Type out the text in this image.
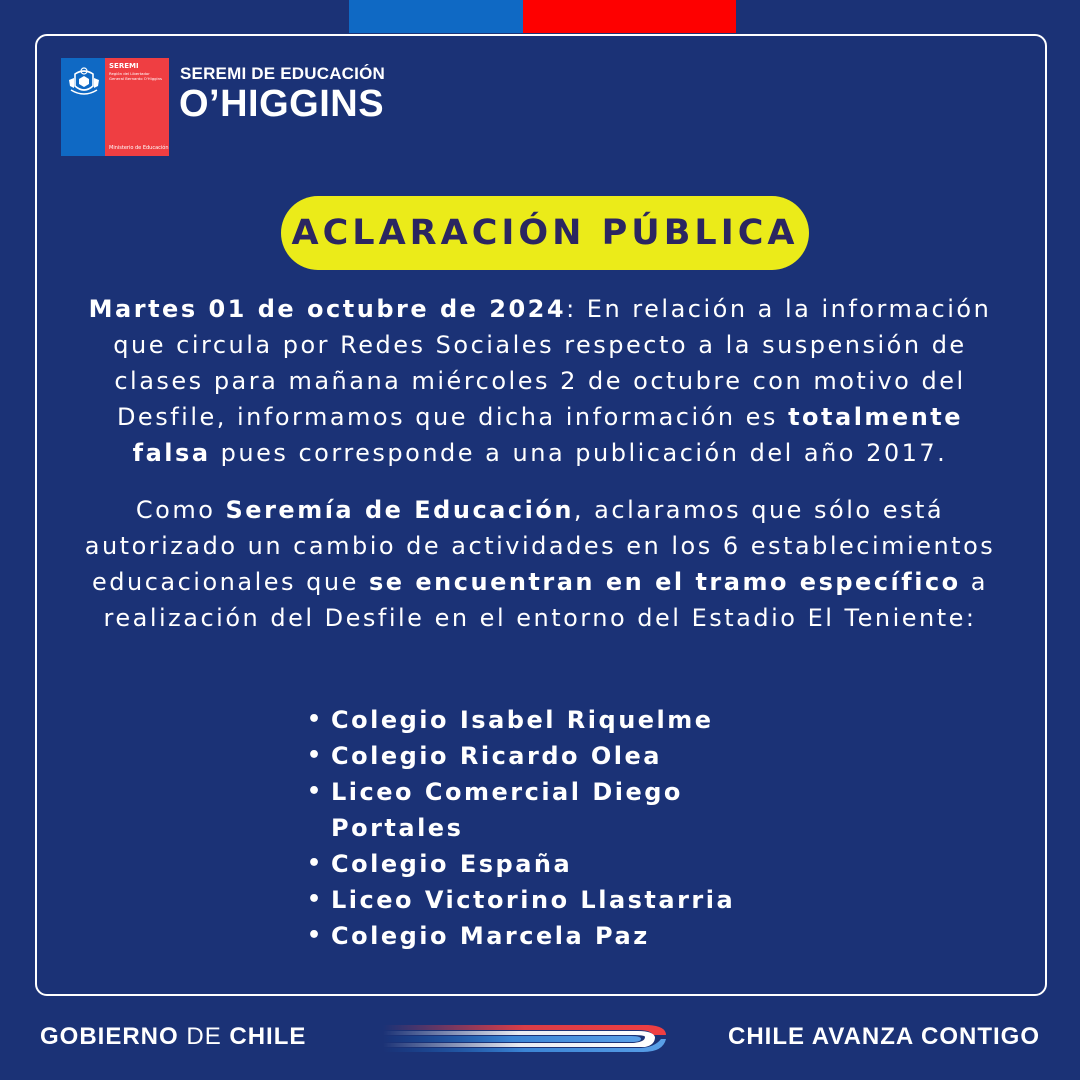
SEREMI
Región del Libertador General Bernardo O'Higgins
Ministerio de Educación
SEREMI DE EDUCACIÓN
O’HIGGINS
ACLARACIÓN PÚBLICA
Martes 01 de octubre de 2024: En relación a la información que circula por Redes Sociales respecto a la suspensión de clases para mañana miércoles 2 de octubre con motivo del Desfile, informamos que dicha información es totalmente falsa pues corresponde a una publicación del año 2017.
Como Seremía de Educación, aclaramos que sólo está autorizado un cambio de actividades en los 6 establecimientos educacionales que se encuentran en el tramo específico a realización del Desfile en el entorno del Estadio El Teniente:
• Colegio Isabel Riquelme
• Colegio Ricardo Olea
• Liceo Comercial Diego Portales
• Colegio España
• Liceo Victorino Llastarria
• Colegio Marcela Paz
GOBIERNO DE CHILE	CHILE AVANZA CONTIGO
